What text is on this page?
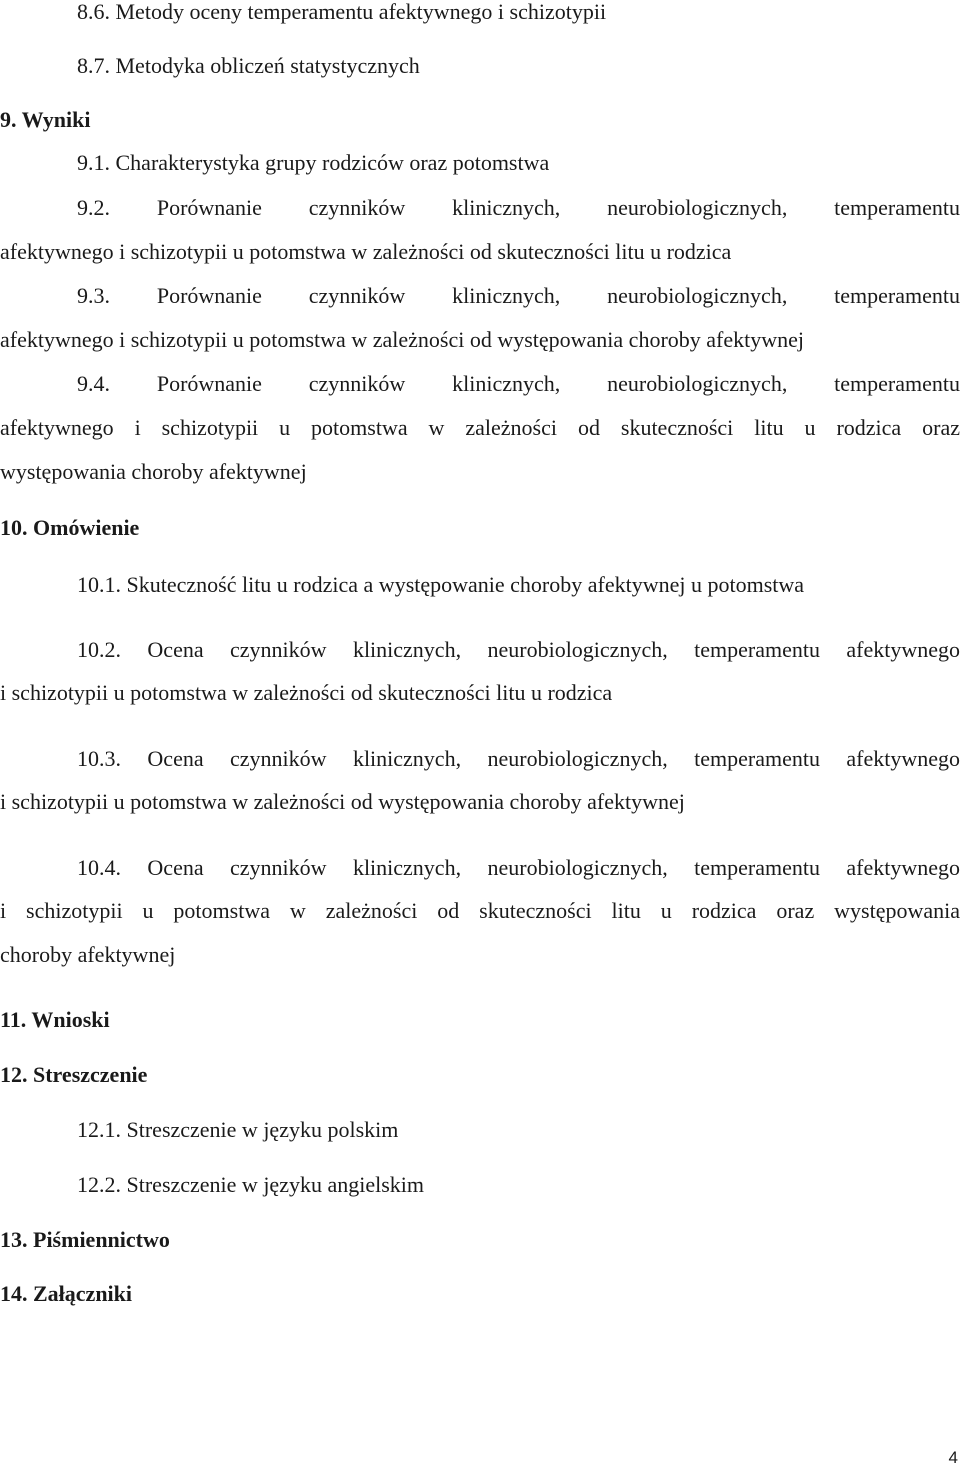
8.6. Metody oceny temperamentu afektywnego i schizotypii
8.7. Metodyka obliczeń statystycznych
9. Wyniki
9.1. Charakterystyka grupy rodziców oraz potomstwa
9.2. Porównanie czynników klinicznych, neurobiologicznych, temperamentu
afektywnego i schizotypii u potomstwa w zależności od skuteczności litu u rodzica
9.3. Porównanie czynników klinicznych, neurobiologicznych, temperamentu
afektywnego i schizotypii u potomstwa w zależności od występowania choroby afektywnej
9.4. Porównanie czynników klinicznych, neurobiologicznych, temperamentu
afektywnego i schizotypii u potomstwa w zależności od skuteczności litu u rodzica oraz
występowania choroby afektywnej
10. Omówienie
10.1. Skuteczność litu u rodzica a występowanie choroby afektywnej u potomstwa
10.2. Ocena czynników klinicznych, neurobiologicznych, temperamentu afektywnego
i schizotypii u potomstwa w zależności od skuteczności litu u rodzica
10.3. Ocena czynników klinicznych, neurobiologicznych, temperamentu afektywnego
i schizotypii u potomstwa w zależności od występowania choroby afektywnej
10.4. Ocena czynników klinicznych, neurobiologicznych, temperamentu afektywnego
i schizotypii u potomstwa w zależności od skuteczności litu u rodzica oraz występowania
choroby afektywnej
11. Wnioski
12. Streszczenie
12.1. Streszczenie w języku polskim
12.2. Streszczenie w języku angielskim
13. Piśmiennictwo
14. Załączniki
4
